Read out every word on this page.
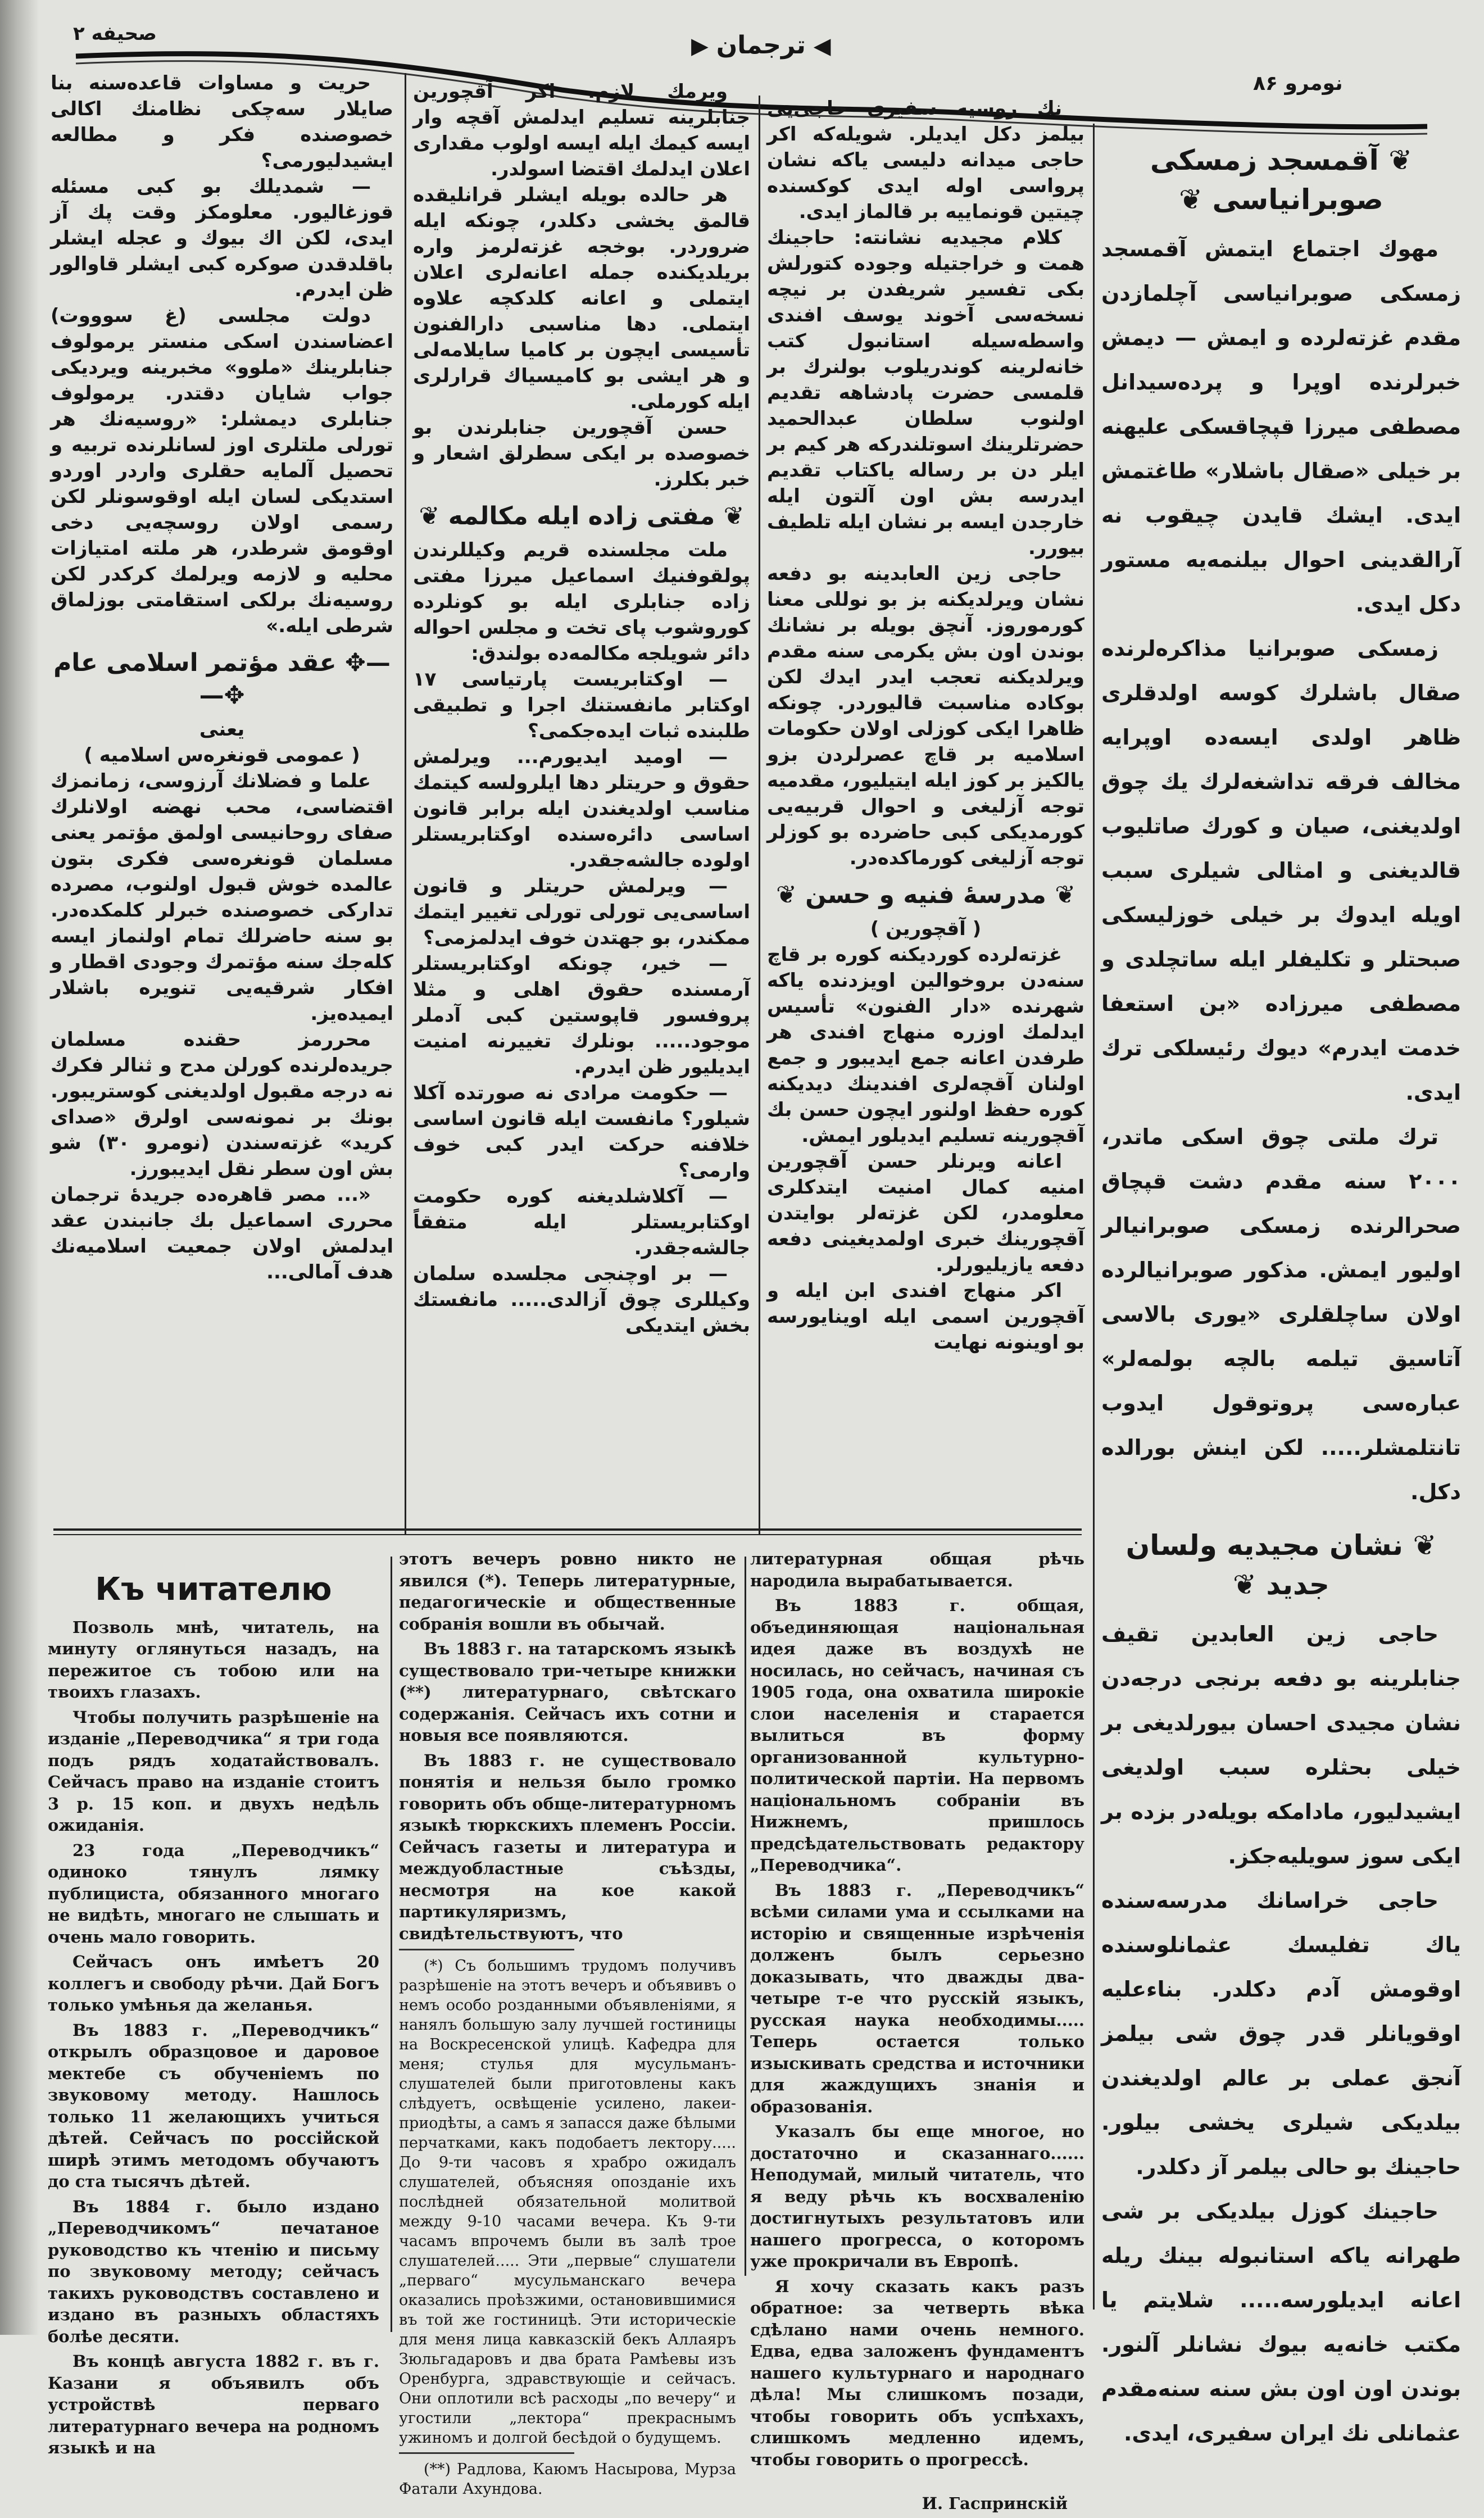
صحیفه ۲	◀ ترجمان ▶
نومرو ۸۶
❦ آقمسجد زمسکی صوبرانیاسی ❦

مهوك اجتماع ایتمش آقمسجد زمسکی صوبرانیاسی آچلمازدن مقدم غزته‌لرده و ایمش — دیمش خبرلرنده اوپرا و پرده‌سیدانل مصطفی میرزا قپچاقسکی علیهنه بر خیلی «صقال باشلار» طاغتمش ایدی. ایشك قایدن چیقوب نه آرالقدینی احوال بیلنمه‌یه مستور دکل ایدی.

زمسکی صوبرانیا مذاکره‌لرنده صقال باشلرك کوسه اولدقلری ظاهر اولدی ایسه‌ده اوپرایه مخالف فرقه تداشغه‌لرك یك چوق اولدیغنی، صیان و کورك صاتلیوب قالدیغنی و امثالی شیلری سبب اویله ایدوك بر خیلی خوزلیسکی صبحتلر و تکلیفلر ایله ساتچلدی و مصطفی میرزاده «بن استعفا خدمت ایدرم» دیوك رئیسلکی ترك ایدی.

ترك ملتی چوق اسکی ماتدر، ۲۰۰۰ سنه مقدم دشت قپچاق صحرالرنده زمسکی صوبرانیالر اولیور ایمش. مذکور صوبرانیالرده اولان ساچلقلری «یوری بالاسی آتاسیق تیلمه بالچه بولمه‌لر» عبارەسی پروتوقول ایدوب تانتلمشلر..... لکن اینش بورالده دکل.

❦ نشان مجیدیه ولسان جدید ❦

حاجی زین العابدین تقیف جنابلرینه بو دفعه برنجی درجه‌دن نشان مجیدی احسان بیورلدیغی بر خیلی بحثلره سبب اولدیغی ایشیدلیور، مادامکه بویله‌در بزده بر ایکی سوز سویلیه‌جکز.

حاجی خراسانك مدرسه‌سنده یاك تفلیسك عثمانلوسنده اوقومش آدم دکلدر. بناءعلیه اوقویانلر قدر چوق شی بیلمز آنجق عملی بر عالم اولدیغندن بیلدیکی شیلری یخشی بیلور. حاجینك بو حالی بیلمر آز دکلدر.

حاجینك کوزل بیلدیکی بر شی طهرانه یاکه استانبوله بینك ریله اعانه ایدیلورسه..... شلایتم یا مکتب خانه‌یه بیوك نشانلر آلنور. بوندن اون اون بش سنه سنه‌مقدم عثمانلی نك ایران سفیری، ایدی.

نك روسیه سفیری حاجی‌یی بیلمز دکل ایدیلر. شویله‌که اکر حاجی میدانه دلیسی یاکه نشان پرواسی اوله ایدی کوکسنده چیتین قونماییه بر قالماز ایدی.

کلام مجیدیه نشانته: حاجینك همت و خراجتیله وجوده کتورلش بکی تفسیر شریفدن بر نیچه نسخه‌سی آخوند یوسف افندی واسطه‌سیله استانبول کتب خانه‌لرینه کوندریلوب بولنرك بر قلمسی حضرت پادشاهه تقدیم اولنوب سلطان عبدالحمید حضرتلرینك اسوتلندرکه هر کیم بر ایلر دن بر رساله یاکتاب تقدیم ایدرسه بش اون آلتون ایله خارجدن ایسه بر نشان ایله تلطیف بیورر.

حاجی زین العابدینه بو دفعه نشان ویرلدیکنه بز بو نوللی معنا کورموروز. آنچق بویله بر نشانك بوندن اون بش یکرمی سنه مقدم ویرلدیکنه تعجب ایدر ایدك لکن بوکاده مناسبت قالیوردر. چونکه ظاهرا ایکی کوزلی اولان حکومات اسلامیه بر قاچ عصرلردن بزو یالکیز بر کوز ایله ایتیلیور، مقدمیه توجه آزلیغی و احوال قربیه‌یی کورمدیکی کبی حاضرده بو کوزلر توجه آزلیغی کورماکده‌در.

❦ مدرسهٔ فنیه و حسن ❦

( آقچورین )

غزته‌لرده کوردیکنه کوره بر قاچ سنه‌دن بروخوالین اویزدنده یاکه شهرنده «دار الفنون» تأسیس ایدلمك اوزره منهاج افندی هر طرفدن اعانه جمع ایدیبور و جمع اولنان آقچه‌لری افندینك دیدیکنه کوره حفظ اولنور ایچون حسن بك آقچورینه تسلیم ایدیلور ایمش.

اعانه ویرنلر حسن آقچورین امنیه کمال امنیت ایتدکلری معلومدر، لکن غزته‌لر بوایتدن آقچورینك خبری اولمدیغینی دفعه دفعه یازیلیورلر.

اکر منهاج افندی ابن ایله و آقچورین اسمی ایله اوینایورسه بو اوینونه نهایت

ویرمك لازم، اکر آقچورین جنابلرینه تسلیم ایدلمش آقچه وار ایسه کیمك ایله ایسه اولوب مقداری اعلان ایدلمك اقتضا اسولدر.

هر حالده بویله ایشلر قرانلیقده قالمق یخشی دکلدر، چونکه ایله ضروردر. بوخجه غزته‌لرمز واره‌ بریلدیکنده جمله اعانه‌لری اعلان ایتملی و اعانه کلدکچه علاوه ایتملی. دها مناسبی دارالفنون تأسیسی ایچون بر کامیا سایلامه‌لی و هر ایشی بو کامیسیاك قرارلری ایله کورملی.

حسن آقچورین جنابلرندن بو خصوصده بر ایکی سطرلق اشعار و خبر بکلرز.

❦ مفتی زاده ایله مکالمه ❦

ملت مجلسنده قریم وکیللرندن پولقوفنیك اسماعیل میرزا مفتی زاده جنابلری ایله بو کونلرده کوروشوب پای تخت و مجلس احواله دائر شویلجه مکالمه‌ده بولندق:

— اوکتابریست پارتیاسی ۱۷ اوکتابر مانفستنك اجرا و تطبیقی طلبنده ثبات ایده‌جکمی؟

— اومید ایدیورم... ویرلمش حقوق و حریتلر دها ایلرولسه کیتمك مناسب اولدیغندن ایله برابر قانون اساسی دائره‌سنده اوکتابریستلر اولوده جالشه‌جقدر.

— ویرلمش حریتلر و قانون اساسی‌یی تورلی تورلی تغییر ایتمك ممکندر، بو جهتدن خوف ایدلمزمی؟

— خیر، چونکه اوکتابریستلر آرمسنده حقوق اهلی و مثلا پروفسور قاپوستین کبی آدملر موجود..... بونلرك تغییرنه امنیت ایدیلیور ظن ایدرم.

— حکومت مرادی نه صورتده آکلا شیلور؟ مانفست ایله قانون اساسی خلافنه حرکت ایدر کبی خوف وارمی؟

— آکلاشلدیغنه کوره حکومت اوکتابریستلر ایله متفقاً جالشه‌جقدر.

— بر اوچنجی مجلسده سلمان وکیللری چوق آزالدی..... مانفستك بخش ایتدیکی

حریت و مساوات قاعده‌سنه بنا صایلار سه‌چکی نظامنك اکالی خصوصنده فکر و مطالعه ایشیدلیورمی؟

— شمدیلك بو کبی مسئله قوزغالیور. معلومکز وقت پك آز ایدی، لکن اك بیوك و عجله ایشلر باقلدقدن صوکره کبی ایشلر قاوالور ظن ایدرم.

دولت مجلسی (غ سوووت) اعضاسندن اسکی منستر یرمولوف جنابلرینك «ملوو» مخبرینه ویردیکی جواب شایان دقتدر. یرمولوف جنابلری دیمشلر: «روسیه‌نك هر تورلی ملتلری اوز لسانلرنده تربیه و تحصیل آلمایه حقلری واردر اوردو استدیکی لسان ایله اوقوسونلر لکن رسمی اولان روسچه‌یی دخی اوقومق شرطدر، هر ملته امتیازات محلیه و لازمه ویرلمك کرکدر لکن روسیه‌نك برلکی استقامتی بوزلماق شرطی ایله.»

—✥ عقد مؤتمر اسلامی عام ✥—

یعنی

( عمومی قونغرەس اسلامیه )

علما و فضلانك آرزوسی، زمانمزك اقتضاسی، محب نهضه اولانلرك صفای روحانیسی اولمق مؤتمر یعنی مسلمان قونغره‌سی فکری بتون عالمده خوش قبول اولنوب، مصرده تدارکی خصوصنده خبرلر کلمکده‌در. بو سنه حاضرلك تمام اولنماز ایسه کله‌جك سنه مؤتمرك وجودی اقطار و افکار شرقیه‌یی تنویره باشلار ایمیده‌یز.

محررمز حقنده مسلمان جریده‌لرنده کورلن مدح و ثنالر فکرك نه درجه مقبول اولدیغنی کوستریبور. بونك بر نمونه‌سی اولرق «صدای کرید» غزته‌سندن (نومرو ۳۰) شو بش اون سطر نقل ایدیبورز.

«... مصر قاهره‌ده جریدهٔ ترجمان محرری اسماعیل بك جانبندن عقد ایدلمش اولان جمعیت اسلامیه‌نك هدف آمالی...

Къ читателю

Позволь мнѣ, читатель, на минуту оглянуться назадъ, на пережитое съ тобою или на твоихъ глазахъ.

Чтобы получить разрѣшеніе на изданіе „Переводчика“ я три года подъ рядъ ходатайствовалъ. Сейчасъ право на изданіе стоитъ 3 р. 15 коп. и двухъ недѣль ожиданія.

23 года „Переводчикъ“ одиноко тянулъ лямку публициста, обязанного многаго не видѣть, многаго не слышать и очень мало говорить.

Сейчасъ онъ имѣетъ 20 коллегъ и свободу рѣчи. Дай Богъ только умѣнья да желанья.

Въ 1883 г. „Переводчикъ“ открылъ образцовое и даровое мектебе съ обученіемъ по звуковому методу. Нашлось только 11 желающихъ учиться дѣтей. Сейчасъ по россійской ширѣ этимъ методомъ обучаютъ до ста тысячъ дѣтей.

Въ 1884 г. было издано „Переводчикомъ“ печатаное руководство къ чтенію и письму по звуковому методу; сейчасъ такихъ руководствъ составлено и издано въ разныхъ областяхъ болѣе десяти.

Въ концѣ августа 1882 г. въ г. Казани я объявилъ объ устройствѣ перваго литературнаго вечера на родномъ языкѣ и на

этотъ вечеръ ровно никто не явился (*). Теперь литературные, педагогическіе и общественные собранія вошли въ обычай.

Въ 1883 г. на татарскомъ языкѣ существовало три-четыре книжки (**) литературнаго, свѣтскаго содержанія. Сейчасъ ихъ сотни и новыя все появляются.

Въ 1883 г. не существовало понятія и нельзя было громко говорить объ обще-литературномъ языкѣ тюркскихъ племенъ Россіи. Сейчасъ газеты и литература и междуобластные съѣзды, несмотря на кое какой партикуляризмъ, свидѣтельствуютъ, что

(*) Съ большимъ трудомъ получивъ разрѣшеніе на этотъ вечеръ и объявивъ о немъ особо розданными объявленіями, я нанялъ большую залу лучшей гостиницы на Воскресенской улицѣ. Кафедра для меня; стулья для мусульманъ-слушателей были приготовлены какъ слѣдуетъ, освѣщеніе усилено, лакеи-приодѣты, а самъ я запасся даже бѣлыми перчатками, какъ подобаетъ лектору..... До 9-ти часовъ я храбро ожидалъ слушателей, объясняя опозданіе ихъ послѣдней обязательной молитвой между 9-10 часами вечера. Къ 9-ти часамъ впрочемъ были въ залѣ трое слушателей..... Эти „первые“ слушатели „перваго“ мусульманскаго вечера оказались проѣзжими, остановившимися въ той же гостиницѣ. Эти историческіе для меня лица кавказскій бекъ Аллаяръ Зюльгадаровъ и два брата Рамѣевы изъ Оренбурга, здравствующіе и сейчасъ. Они оплотили всѣ расходы „по вечеру“ и угостили „лектора“ прекраснымъ ужиномъ и долгой бесѣдой о будущемъ.

(**) Радлова, Каюмъ Насырова, Мурза Фатали Ахундова.

литературная общая рѣчь народила вырабатывается.

Въ 1883 г. общая, объединяющая національная идея даже въ воздухѣ не носилась, но сейчасъ, начиная съ 1905 года, она охватила широкіе слои населенія и старается вылиться въ форму организованной культурно-политической партіи. На первомъ національномъ собраніи въ Нижнемъ, пришлось предсѣдательствовать редактору „Переводчика“.

Въ 1883 г. „Переводчикъ“ всѣми силами ума и ссылками на исторію и священные изрѣченія долженъ былъ серьезно доказывать, что дважды два-четыре т-е что русскій языкъ, русская наука необходимы..... Теперь остается только изыскивать средства и источники для жаждущихъ знанія и образованія.

Указалъ бы еще многое, но достаточно и сказаннаго...... Неподумай, милый читатель, что я веду рѣчь къ восхваленію достигнутыхъ результатовъ или нашего прогресса, о которомъ уже прокричали въ Европѣ.

Я хочу сказать какъ разъ обратное: за четверть вѣка сдѣлано нами очень немного. Едва, едва заложенъ фундаментъ нашего культурнаго и народнаго дѣла! Мы слишкомъ позади, чтобы говорить объ успѣхахъ, слишкомъ медленно идемъ, чтобы говорить о прогрессѣ.

И. Гаспринскій
